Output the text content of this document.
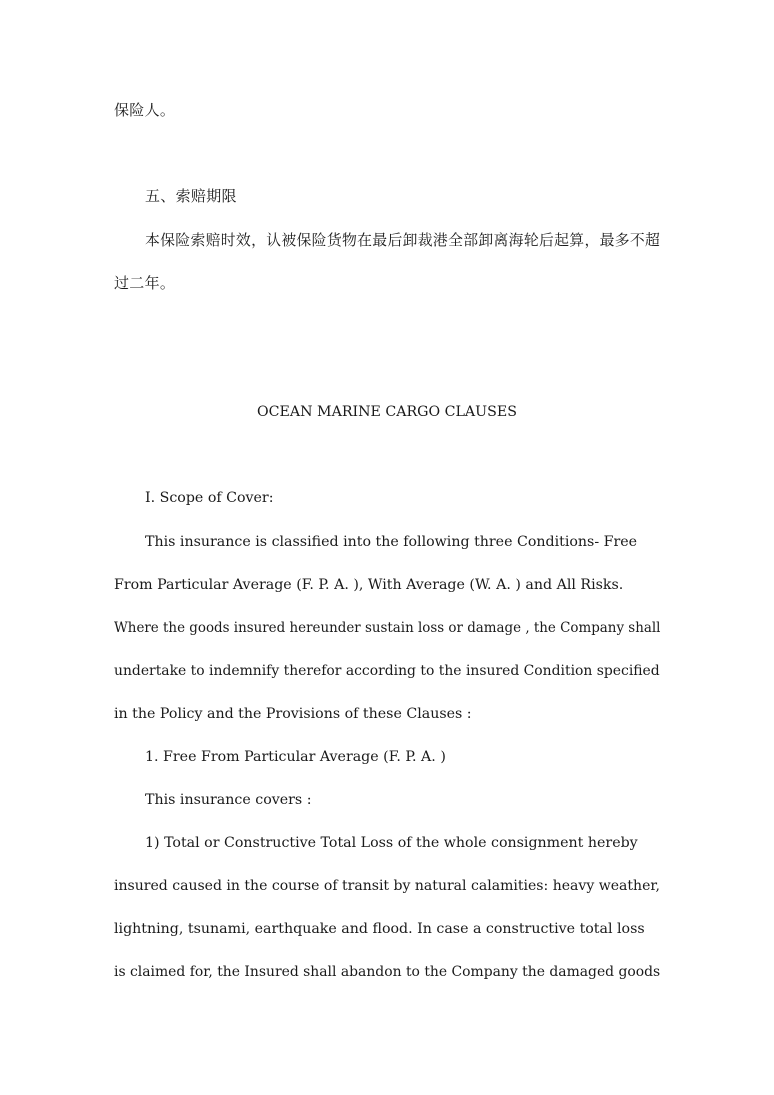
保险人。
五、索赔期限
本保险索赔时效，认被保险货物在最后卸裁港全部卸离海轮后起算，最多不超
过二年。
OCEAN MARINE CARGO CLAUSES
Ⅰ. Scope of Cover:
This insurance is classified into the following three Conditions- Free
From Particular Average (F. P. A. ), With Average (W. A. ) and All Risks.
Where the goods insured hereunder sustain loss or damage , the Company shall
undertake to indemnify therefor according to the insured Condition specified
in the Policy and the Provisions of these Clauses :
1. Free From Particular Average (F. P. A. )
This insurance covers :
1) Total or Constructive Total Loss of the whole consignment hereby
insured caused in the course of transit by natural calamities: heavy weather,
lightning, tsunami, earthquake and flood. In case a constructive total loss
is claimed for, the Insured shall abandon to the Company the damaged goods
